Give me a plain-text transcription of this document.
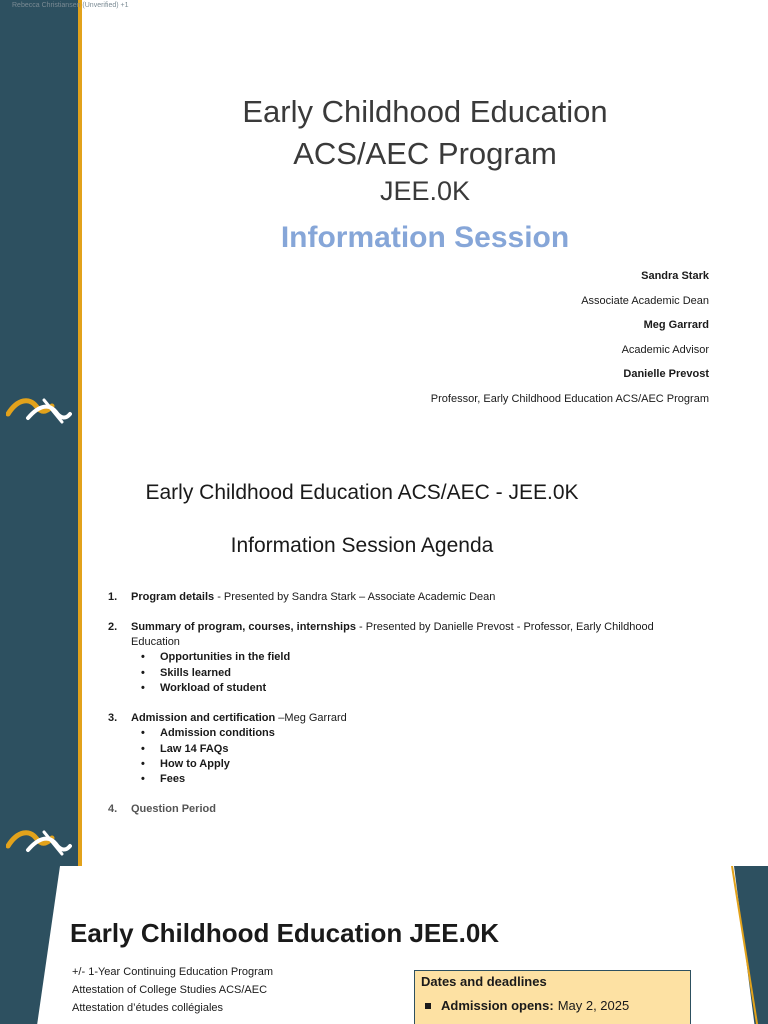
Rebecca Christiansen (Unverified) +1
Early Childhood Education
ACS/AEC Program
JEE.0K
Information Session
Sandra Stark
Associate Academic Dean
Meg Garrard
Academic Advisor
Danielle Prevost
Professor, Early Childhood Education ACS/AEC Program
Early Childhood Education ACS/AEC - JEE.0K
Information Session Agenda
1.	Program details - Presented by Sandra Stark – Associate Academic Dean
2.	Summary of program, courses, internships - Presented by Danielle Prevost - Professor, Early Childhood Education
• Opportunities in the field
• Skills learned
• Workload of student
3.	Admission and certification –Meg Garrard
• Admission conditions
• Law 14 FAQs
• How to Apply
• Fees
4.	Question Period
Early Childhood Education JEE.0K
+/- 1-Year Continuing Education Program
Attestation of College Studies ACS/AEC
Attestation d’études collégiales
Dates and deadlines
Admission opens: May 2, 2025
